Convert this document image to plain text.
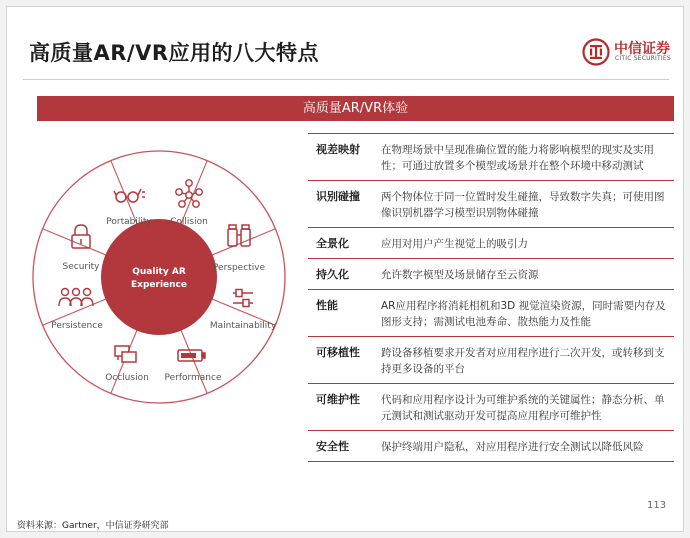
高质量AR/VR应用的八大特点	中信证券
CITIC SECURITIES
高质量AR/VR体验
Quality AR
Experience
Portability Collision
Perspective
Maintainability
Performance
Occlusion
Persistence
Security
视差映射	在物理场景中呈现准确位置的能力将影响模型的现实及实用性；可通过放置多个模型或场景并在整个环境中移动测试
识别碰撞	两个物体位于同一位置时发生碰撞，导致数字失真；可使用图像识别机器学习模型识别物体碰撞
全景化	应用对用户产生视觉上的吸引力
持久化	允许数字模型及场景储存至云资源
性能	AR应用程序将消耗相机和3D 视觉渲染资源，同时需要内存及图形支持；需测试电池寿命、散热能力及性能
可移植性	跨设备移植要求开发者对应用程序进行二次开发，或转移到支持更多设备的平台
可维护性	代码和应用程序设计为可维护系统的关键属性；静态分析、单元测试和测试驱动开发可提高应用程序可维护性
安全性	保护终端用户隐私，对应用程序进行安全测试以降低风险
113
资料来源：Gartner，中信证券研究部
